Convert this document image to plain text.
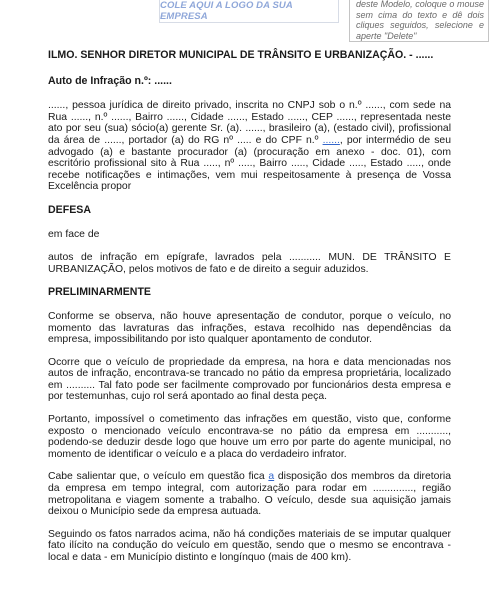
COLE AQUI A LOGO DA SUA EMPRESA
deste Modelo, coloque o mouse sem cima do texto e dê dois cliques seguidos, selecione e aperte "Delete"

ILMO. SENHOR DIRETOR MUNICIPAL DE TRÂNSITO E URBANIZAÇÃO. - ......

Auto de Infração n.º: ......

......, pessoa jurídica de direito privado, inscrita no CNPJ sob o n.º ......, com sede na Rua ......, n.º ......, Bairro ......, Cidade ......, Estado ......, CEP ......, representada neste ato por seu (sua) sócio(a) gerente Sr. (a). ......, brasileiro (a), (estado civil), profissional da área de ......, portador (a) do RG nº ..... e do CPF n.º ......, por intermédio de seu advogado (a) e bastante procurador (a) (procuração em anexo - doc. 01), com escritório profissional sito à Rua ....., nº ....., Bairro ....., Cidade ....., Estado ....., onde recebe notificações e intimações, vem mui respeitosamente à presença de Vossa Excelência propor

DEFESA

em face de

autos de infração em epígrafe, lavrados pela ........... MUN. DE TRÂNSITO E URBANIZAÇÃO, pelos motivos de fato e de direito a seguir aduzidos.

PRELIMINARMENTE

Conforme se observa, não houve apresentação de condutor, porque o veículo, no momento das lavraturas das infrações, estava recolhido nas dependências da empresa, impossibilitando por isto qualquer apontamento de condutor.

Ocorre que o veículo de propriedade da empresa, na hora e data mencionadas nos autos de infração, encontrava-se trancado no pátio da empresa proprietária, localizado em .......... Tal fato pode ser facilmente comprovado por funcionários desta empresa e por testemunhas, cujo rol será apontado ao final desta peça.

Portanto, impossível o cometimento das infrações em questão, visto que, conforme exposto o mencionado veículo encontrava-se no pátio da empresa em ..........., podendo-se deduzir desde logo que houve um erro por parte do agente municipal, no momento de identificar o veículo e a placa do verdadeiro infrator.

Cabe salientar que, o veículo em questão fica a disposição dos membros da diretoria da empresa em tempo integral, com autorização para rodar em .............., região metropolitana e viagem somente a trabalho. O veículo, desde sua aquisição jamais deixou o Município sede da empresa autuada.

Seguindo os fatos narrados acima, não há condições materiais de se imputar qualquer fato ilícito na condução do veículo em questão, sendo que o mesmo se encontrava - local e data - em Município distinto e longínquo (mais de 400 km).
